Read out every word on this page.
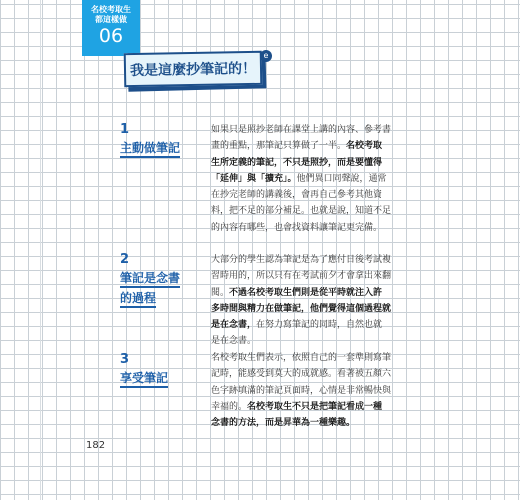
名校考取生
都這樣做
06
我是這麼抄筆記的！
e
1
主動做筆記

如果只是照抄老師在課堂上講的內容、參考書畫的重點，那筆記只算做了一半。名校考取生所定義的筆記，不只是照抄，而是要懂得「延伸」與「擴充」。他們異口同聲說，通常在抄完老師的講義後，會再自己參考其他資料，把不足的部分補足。也就是說，知道不足的內容有哪些，也會找資料讓筆記更完備。

2
筆記是念書
的過程

大部分的學生認為筆記是為了應付日後考試複習時用的，所以只有在考試前夕才會拿出來翻閱。不過名校考取生們則是從平時就注入許多時間與精力在做筆記，他們覺得這個過程就是在念書，在努力寫筆記的同時，自然也就是在念書。

3
享受筆記

名校考取生們表示，依照自己的一套準則寫筆記時，能感受到莫大的成就感。看著被五顏六色字跡填滿的筆記頁面時，心情是非常暢快與幸福的。名校考取生不只是把筆記看成一種念書的方法，而是昇華為一種樂趣。

182
